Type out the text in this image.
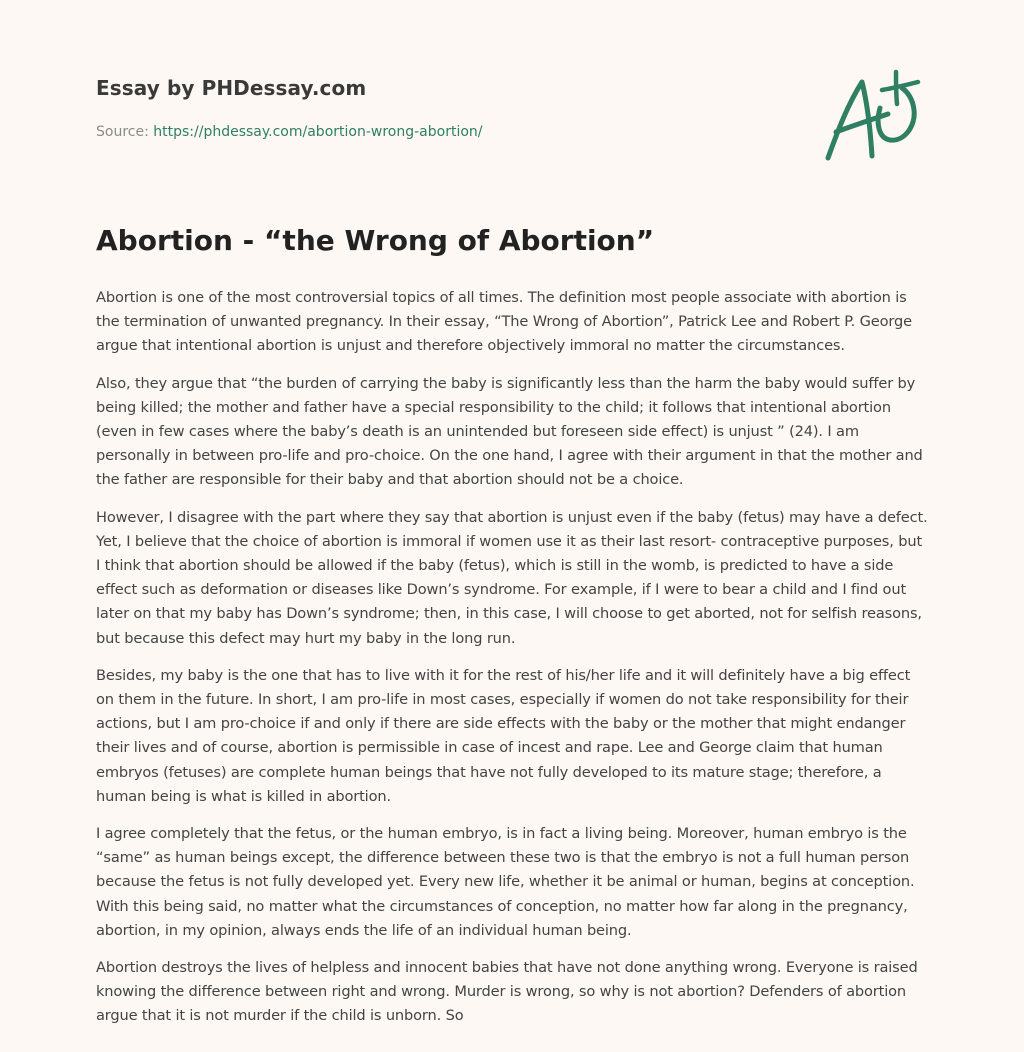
Essay by PHDessay.com
Source: https://phdessay.com/abortion-wrong-abortion/
Abortion - “the Wrong of Abortion”

Abortion is one of the most controversial topics of all times. The definition most people associate with abortion is the termination of unwanted pregnancy. In their essay, “The Wrong of Abortion”, Patrick Lee and Robert P. George argue that intentional abortion is unjust and therefore objectively immoral no matter the circumstances.

Also, they argue that “the burden of carrying the baby is significantly less than the harm the baby would suffer by being killed; the mother and father have a special responsibility to the child; it follows that intentional abortion (even in few cases where the baby’s death is an unintended but foreseen side effect) is unjust ” (24). I am personally in between pro-life and pro-choice. On the one hand, I agree with their argument in that the mother and the father are responsible for their baby and that abortion should not be a choice.

However, I disagree with the part where they say that abortion is unjust even if the baby (fetus) may have a defect. Yet, I believe that the choice of abortion is immoral if women use it as their last resort- contraceptive purposes, but I think that abortion should be allowed if the baby (fetus), which is still in the womb, is predicted to have a side effect such as deformation or diseases like Down’s syndrome. For example, if I were to bear a child and I find out later on that my baby has Down’s syndrome; then, in this case, I will choose to get aborted, not for selfish reasons, but because this defect may hurt my baby in the long run.

Besides, my baby is the one that has to live with it for the rest of his/her life and it will definitely have a big effect on them in the future. In short, I am pro-life in most cases, especially if women do not take responsibility for their actions, but I am pro-choice if and only if there are side effects with the baby or the mother that might endanger their lives and of course, abortion is permissible in case of incest and rape. Lee and George claim that human embryos (fetuses) are complete human beings that have not fully developed to its mature stage; therefore, a human being is what is killed in abortion.

I agree completely that the fetus, or the human embryo, is in fact a living being. Moreover, human embryo is the “same” as human beings except, the difference between these two is that the embryo is not a full human person because the fetus is not fully developed yet. Every new life, whether it be animal or human, begins at conception. With this being said, no matter what the circumstances of conception, no matter how far along in the pregnancy, abortion, in my opinion, always ends the life of an individual human being.

Abortion destroys the lives of helpless and innocent babies that have not done anything wrong. Everyone is raised knowing the difference between right and wrong. Murder is wrong, so why is not abortion? Defenders of abortion argue that it is not murder if the child is unborn. So
